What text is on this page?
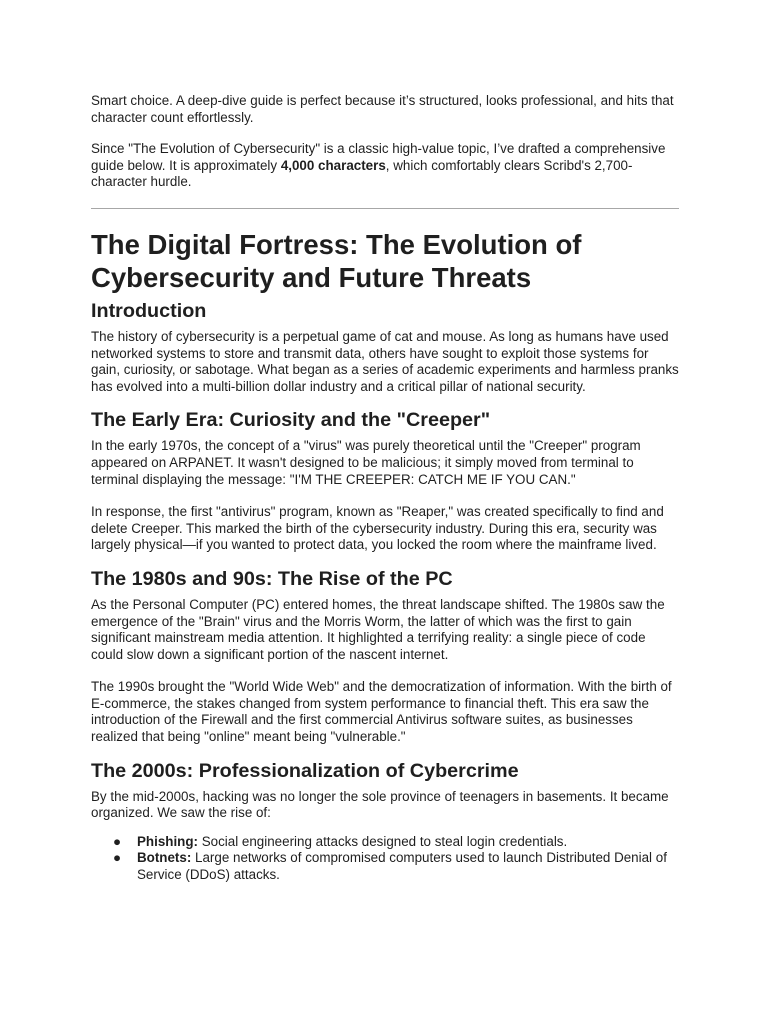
Smart choice. A deep-dive guide is perfect because it’s structured, looks professional, and hits that character count effortlessly.

Since "The Evolution of Cybersecurity" is a classic high-value topic, I’ve drafted a comprehensive guide below. It is approximately 4,000 characters, which comfortably clears Scribd's 2,700-character hurdle.

The Digital Fortress: The Evolution of Cybersecurity and Future Threats
Introduction

The history of cybersecurity is a perpetual game of cat and mouse. As long as humans have used networked systems to store and transmit data, others have sought to exploit those systems for gain, curiosity, or sabotage. What began as a series of academic experiments and harmless pranks has evolved into a multi-billion dollar industry and a critical pillar of national security.

The Early Era: Curiosity and the "Creeper"

In the early 1970s, the concept of a "virus" was purely theoretical until the "Creeper" program appeared on ARPANET. It wasn't designed to be malicious; it simply moved from terminal to terminal displaying the message: "I'M THE CREEPER: CATCH ME IF YOU CAN."

In response, the first "antivirus" program, known as "Reaper," was created specifically to find and delete Creeper. This marked the birth of the cybersecurity industry. During this era, security was largely physical—if you wanted to protect data, you locked the room where the mainframe lived.

The 1980s and 90s: The Rise of the PC

As the Personal Computer (PC) entered homes, the threat landscape shifted. The 1980s saw the emergence of the "Brain" virus and the Morris Worm, the latter of which was the first to gain significant mainstream media attention. It highlighted a terrifying reality: a single piece of code could slow down a significant portion of the nascent internet.

The 1990s brought the "World Wide Web" and the democratization of information. With the birth of E-commerce, the stakes changed from system performance to financial theft. This era saw the introduction of the Firewall and the first commercial Antivirus software suites, as businesses realized that being "online" meant being "vulnerable."

The 2000s: Professionalization of Cybercrime

By the mid-2000s, hacking was no longer the sole province of teenagers in basements. It became organized. We saw the rise of:

● Phishing: Social engineering attacks designed to steal login credentials.
● Botnets: Large networks of compromised computers used to launch Distributed Denial of Service (DDoS) attacks.
